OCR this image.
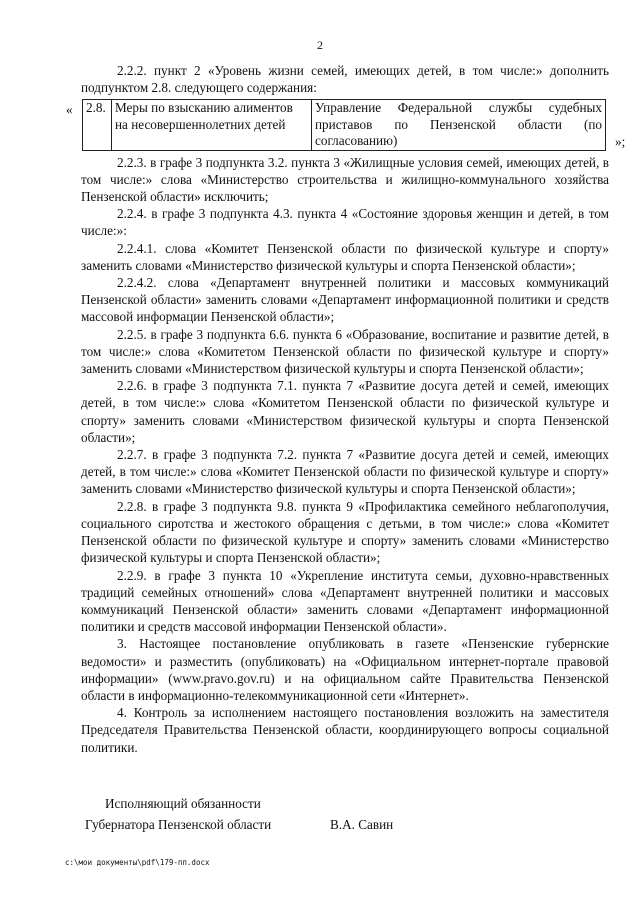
2

2.2.2. пункт 2 «Уровень жизни семей, имеющих детей, в том числе:» дополнить подпунктом 2.8. следующего содержания:

« 2.8.	Меры по взысканию алиментов на несовершеннолетних детей	Управление Федеральной службы судебных приставов по Пензенской области (по согласованию)	»;

2.2.3. в графе 3 подпункта 3.2. пункта 3 «Жилищные условия семей, имеющих детей, в том числе:» слова «Министерство строительства и жилищно-коммунального хозяйства Пензенской области» исключить;

2.2.4. в графе 3 подпункта 4.3. пункта 4 «Состояние здоровья женщин и детей, в том числе:»:

2.2.4.1. слова «Комитет Пензенской области по физической культуре и спорту» заменить словами «Министерство физической культуры и спорта Пензенской области»;

2.2.4.2. слова «Департамент внутренней политики и массовых коммуникаций Пензенской области» заменить словами «Департамент информационной политики и средств массовой информации Пензенской области»;

2.2.5. в графе 3 подпункта 6.6. пункта 6 «Образование, воспитание и развитие детей, в том числе:» слова «Комитетом Пензенской области по физической культуре и спорту» заменить словами «Министерством физической культуры и спорта Пензенской области»;

2.2.6. в графе 3 подпункта 7.1. пункта 7 «Развитие досуга детей и семей, имеющих детей, в том числе:» слова «Комитетом Пензенской области по физической культуре и спорту» заменить словами «Министерством физической культуры и спорта Пензенской области»;

2.2.7. в графе 3 подпункта 7.2. пункта 7 «Развитие досуга детей и семей, имеющих детей, в том числе:» слова «Комитет Пензенской области по физической культуре и спорту» заменить словами «Министерство физической культуры и спорта Пензенской области»;

2.2.8. в графе 3 подпункта 9.8. пункта 9 «Профилактика семейного неблагополучия, социального сиротства и жестокого обращения с детьми, в том числе:» слова «Комитет Пензенской области по физической культуре и спорту» заменить словами «Министерство физической культуры и спорта Пензенской области»;

2.2.9. в графе 3 пункта 10 «Укрепление института семьи, духовно-нравственных традиций семейных отношений» слова «Департамент внутренней политики и массовых коммуникаций Пензенской области» заменить словами «Департамент информационной политики и средств массовой информации Пензенской области».

3. Настоящее постановление опубликовать в газете «Пензенские губернские ведомости» и разместить (опубликовать) на «Официальном интернет-портале правовой информации» (www.pravo.gov.ru) и на официальном сайте Правительства Пензенской области в информационно-телекоммуникационной сети «Интернет».

4. Контроль за исполнением настоящего постановления возложить на заместителя Председателя Правительства Пензенской области, координирующего вопросы социальной политики.

Исполняющий обязанности
Губернатора Пензенской области	В.А. Савин
c:\мои документы\pdf\179-пп.docx
